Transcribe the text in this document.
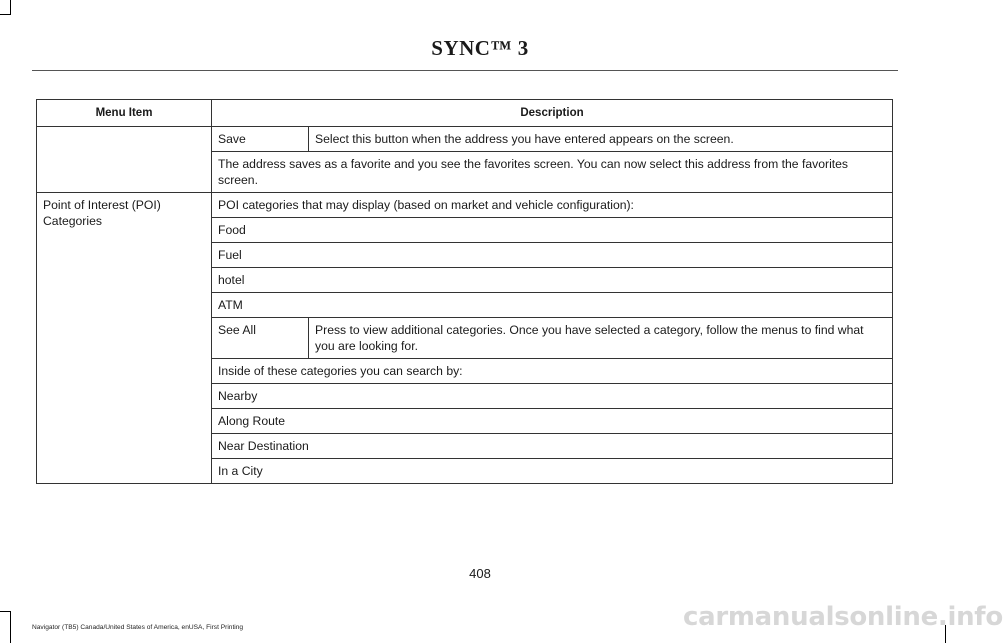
SYNC™ 3
Menu Item	Description	
	Save	Select this button when the address you have entered appears on the screen.
	The address saves as a favorite and you see the favorites screen. You can now select this address from the favorites screen.	
Point of Interest (POI) Categories	POI categories that may display (based on market and vehicle configuration):	
	Food	
	Fuel	
	hotel	
	ATM	
	See All	Press to view additional categories. Once you have selected a category, follow the menus to find what you are looking for.
	Inside of these categories you can search by:	
	Nearby	
	Along Route	
	Near Destination	
	In a City	
408
Navigator (TB5) Canada/United States of America, enUSA, First Printing	carmanualsonline.info
